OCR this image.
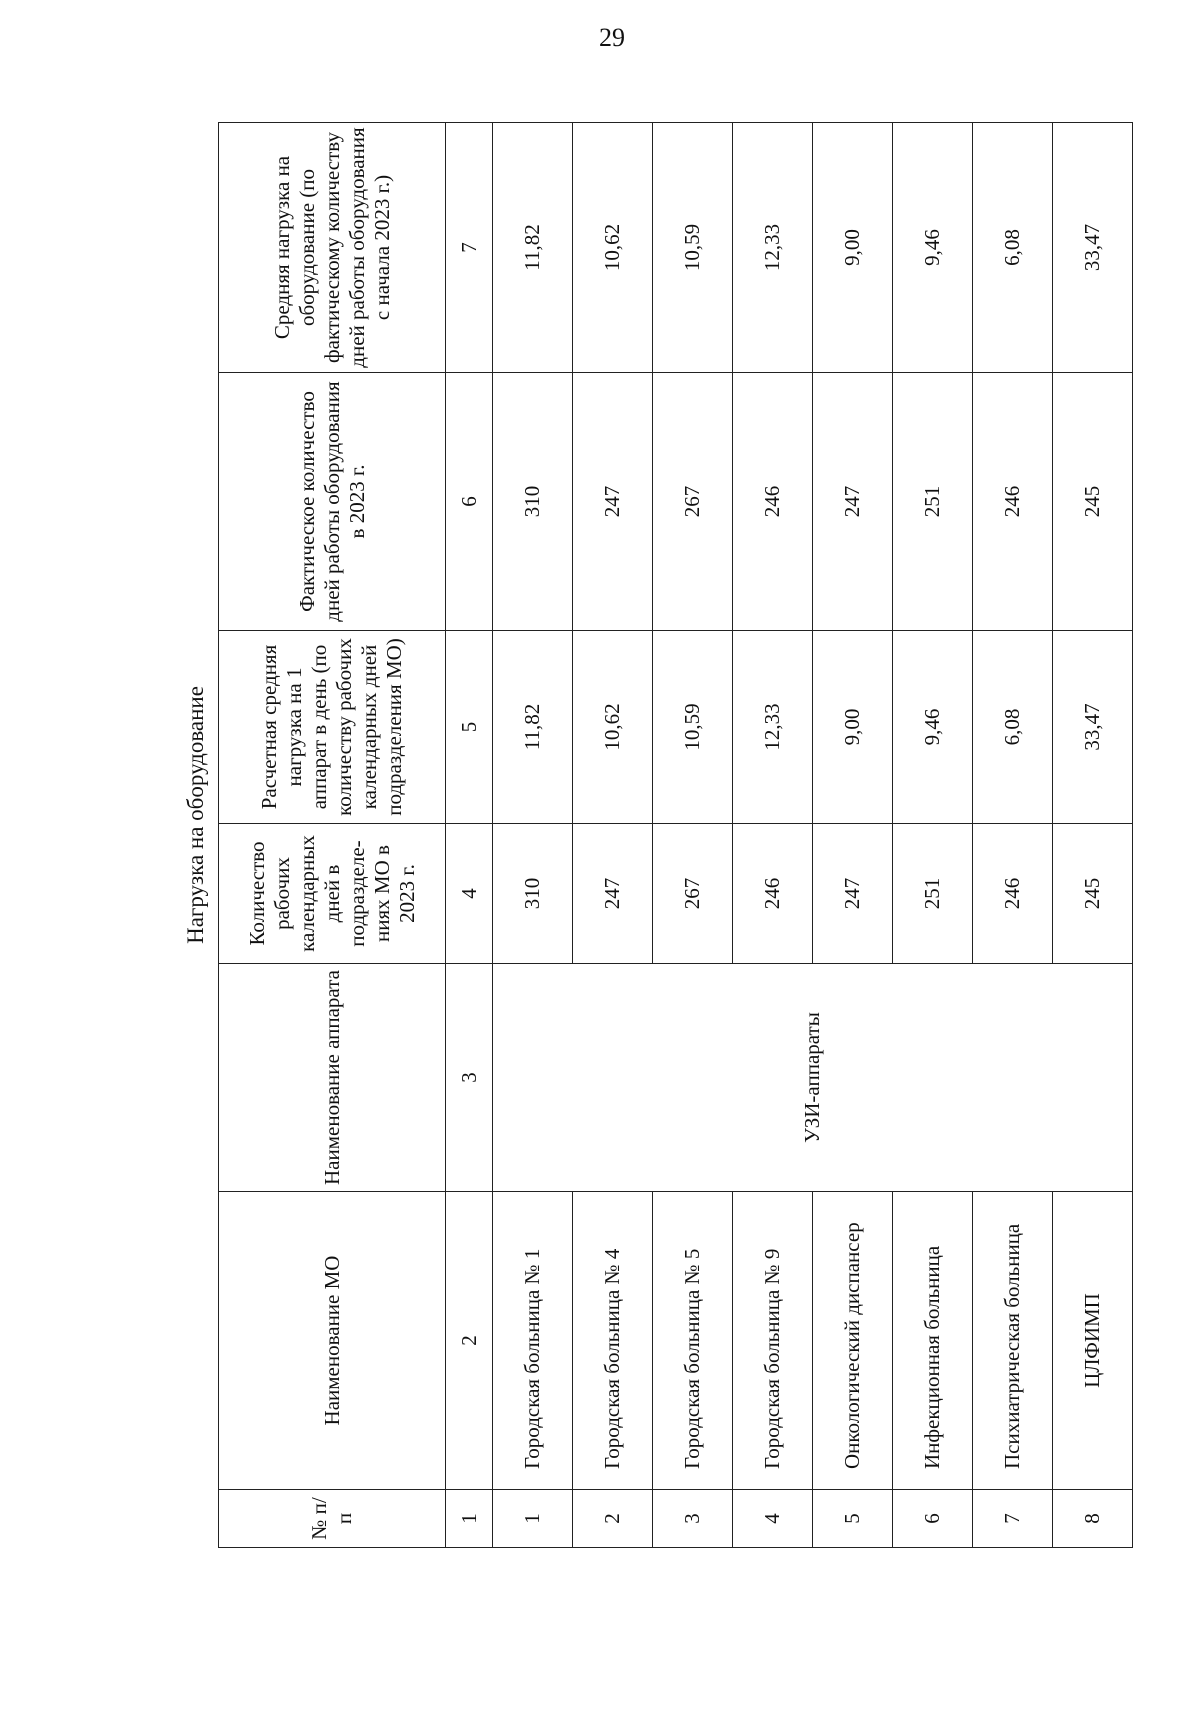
29
Нагрузка на оборудование
№ п/п	Наименование МО	Наименование аппарата	Количество рабочих календарных дней в подразделе-ниях МО в 2023 г.	Расчетная средняя нагрузка на 1 аппарат в день (по количеству рабочих календарных дней подразделения МО)	Фактическое количество дней работы оборудования в 2023 г.	Средняя нагрузка на оборудование (по фактическому количеству дней работы оборудования с начала 2023 г.)
1	2	3	4	5	6	7
1	Городская больница № 1	УЗИ-аппараты	310	11,82	310	11,82
2	Городская больница № 4		247	10,62	247	10,62
3	Городская больница № 5		267	10,59	267	10,59
4	Городская больница № 9		246	12,33	246	12,33
5	Онкологический диспансер		247	9,00	247	9,00
6	Инфекционная больница		251	9,46	251	9,46
7	Психиатрическая больница		246	6,08	246	6,08
8	ЦЛФИМП		245	33,47	245	33,47
